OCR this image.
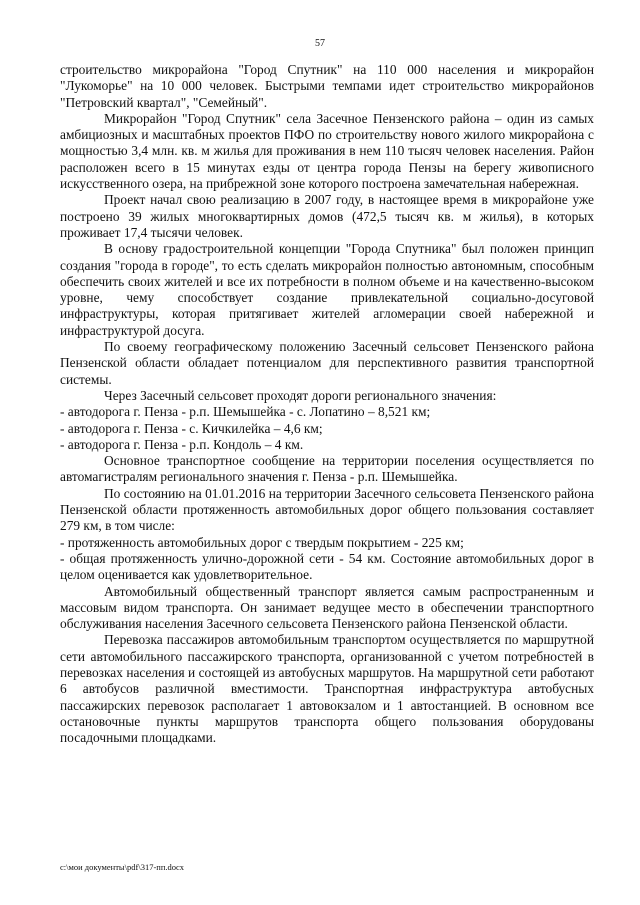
57

строительство микрорайона "Город Спутник" на 110 000 населения и микрорайон "Лукоморье" на 10 000 человек. Быстрыми темпами идет строительство микрорайонов "Петровский квартал", "Семейный".

Микрорайон "Город Спутник" села Засечное Пензенского района – один из самых амбициозных и масштабных проектов ПФО по строительству нового жилого микрорайона с мощностью 3,4 млн. кв. м жилья для проживания в нем 110 тысяч человек населения. Район расположен всего в 15 минутах езды от центра города Пензы на берегу живописного искусственного озера, на прибрежной зоне которого построена замечательная набережная.

Проект начал свою реализацию в 2007 году, в настоящее время в микрорайоне уже построено 39 жилых многоквартирных домов (472,5 тысяч кв. м жилья), в которых проживает 17,4 тысячи человек.

В основу градостроительной концепции "Города Спутника" был положен принцип создания "города в городе", то есть сделать микрорайон полностью автономным, способным обеспечить своих жителей и все их потребности в полном объеме и на качественно-высоком уровне, чему способствует создание привлекательной социально-досуговой инфраструктуры, которая притягивает жителей агломерации своей набережной и инфраструктурой досуга.

По своему географическому положению Засечный сельсовет Пензенского района Пензенской области обладает потенциалом для перспективного развития транспортной системы.

Через Засечный сельсовет проходят дороги регионального значения:

- автодорога г. Пенза - р.п. Шемышейка - с. Лопатино – 8,521 км;

- автодорога г. Пенза - с. Кичкилейка – 4,6 км;

- автодорога г. Пенза - р.п. Кондоль – 4 км.

Основное транспортное сообщение на территории поселения осуществляется по автомагистралям регионального значения г. Пенза - р.п. Шемышейка.

По состоянию на 01.01.2016 на территории Засечного сельсовета Пензенского района Пензенской области протяженность автомобильных дорог общего пользования составляет 279 км, в том числе:

- протяженность автомобильных дорог с твердым покрытием - 225 км;

- общая протяженность улично-дорожной сети - 54 км. Состояние автомобильных дорог в целом оценивается как удовлетворительное.

Автомобильный общественный транспорт является самым распространенным и массовым видом транспорта. Он занимает ведущее место в обеспечении транспортного обслуживания населения Засечного сельсовета Пензенского района Пензенской области.

Перевозка пассажиров автомобильным транспортом осуществляется по маршрутной сети автомобильного пассажирского транспорта, организованной с учетом потребностей в перевозках населения и состоящей из автобусных маршрутов. На маршрутной сети работают 6 автобусов различной вместимости. Транспортная инфраструктура автобусных пассажирских перевозок располагает 1 автовокзалом и 1 автостанцией. В основном все остановочные пункты маршрутов транспорта общего пользования оборудованы посадочными площадками.

c:\мои документы\pdf\317-пп.docx
